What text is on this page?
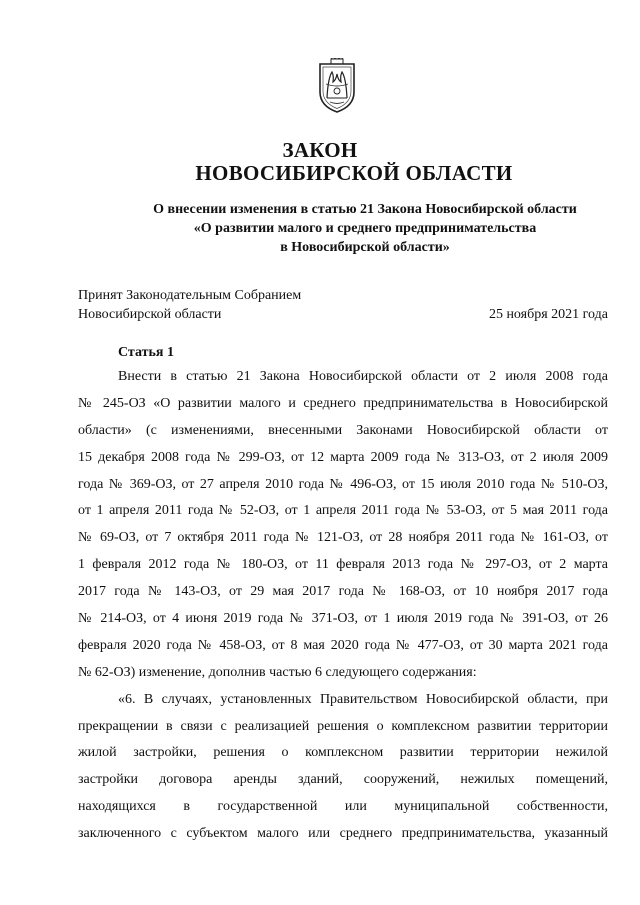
ЗАКОН
НОВОСИБИРСКОЙ ОБЛАСТИ
О внесении изменения в статью 21 Закона Новосибирской области
«О развитии малого и среднего предпринимательства
в Новосибирской области»
Принят Законодательным Собранием
Новосибирской области	25 ноября 2021 года
Статья 1
Внести в статью 21 Закона Новосибирской области от 2 июля 2008 года
№ 245-ОЗ «О развитии малого и среднего предпринимательства в Новосибирской
области» (с изменениями, внесенными Законами Новосибирской области от
15 декабря 2008 года № 299-ОЗ, от 12 марта 2009 года № 313-ОЗ, от 2 июля 2009
года № 369-ОЗ, от 27 апреля 2010 года № 496-ОЗ, от 15 июля 2010 года № 510-ОЗ,
от 1 апреля 2011 года № 52-ОЗ, от 1 апреля 2011 года № 53-ОЗ, от 5 мая 2011 года
№ 69-ОЗ, от 7 октября 2011 года № 121-ОЗ, от 28 ноября 2011 года № 161-ОЗ, от
1 февраля 2012 года № 180-ОЗ, от 11 февраля 2013 года № 297-ОЗ, от 2 марта
2017 года № 143-ОЗ, от 29 мая 2017 года № 168-ОЗ, от 10 ноября 2017 года
№ 214-ОЗ, от 4 июня 2019 года № 371-ОЗ, от 1 июля 2019 года № 391-ОЗ, от 26
февраля 2020 года № 458-ОЗ, от 8 мая 2020 года № 477-ОЗ, от 30 марта 2021 года
№ 62-ОЗ) изменение, дополнив частью 6 следующего содержания:
«6. В случаях, установленных Правительством Новосибирской области, при
прекращении в связи с реализацией решения о комплексном развитии территории
жилой застройки, решения о комплексном развитии территории нежилой
застройки договора аренды зданий, сооружений, нежилых помещений,
находящихся в государственной или муниципальной собственности,
заключенного с субъектом малого или среднего предпринимательства, указанный
